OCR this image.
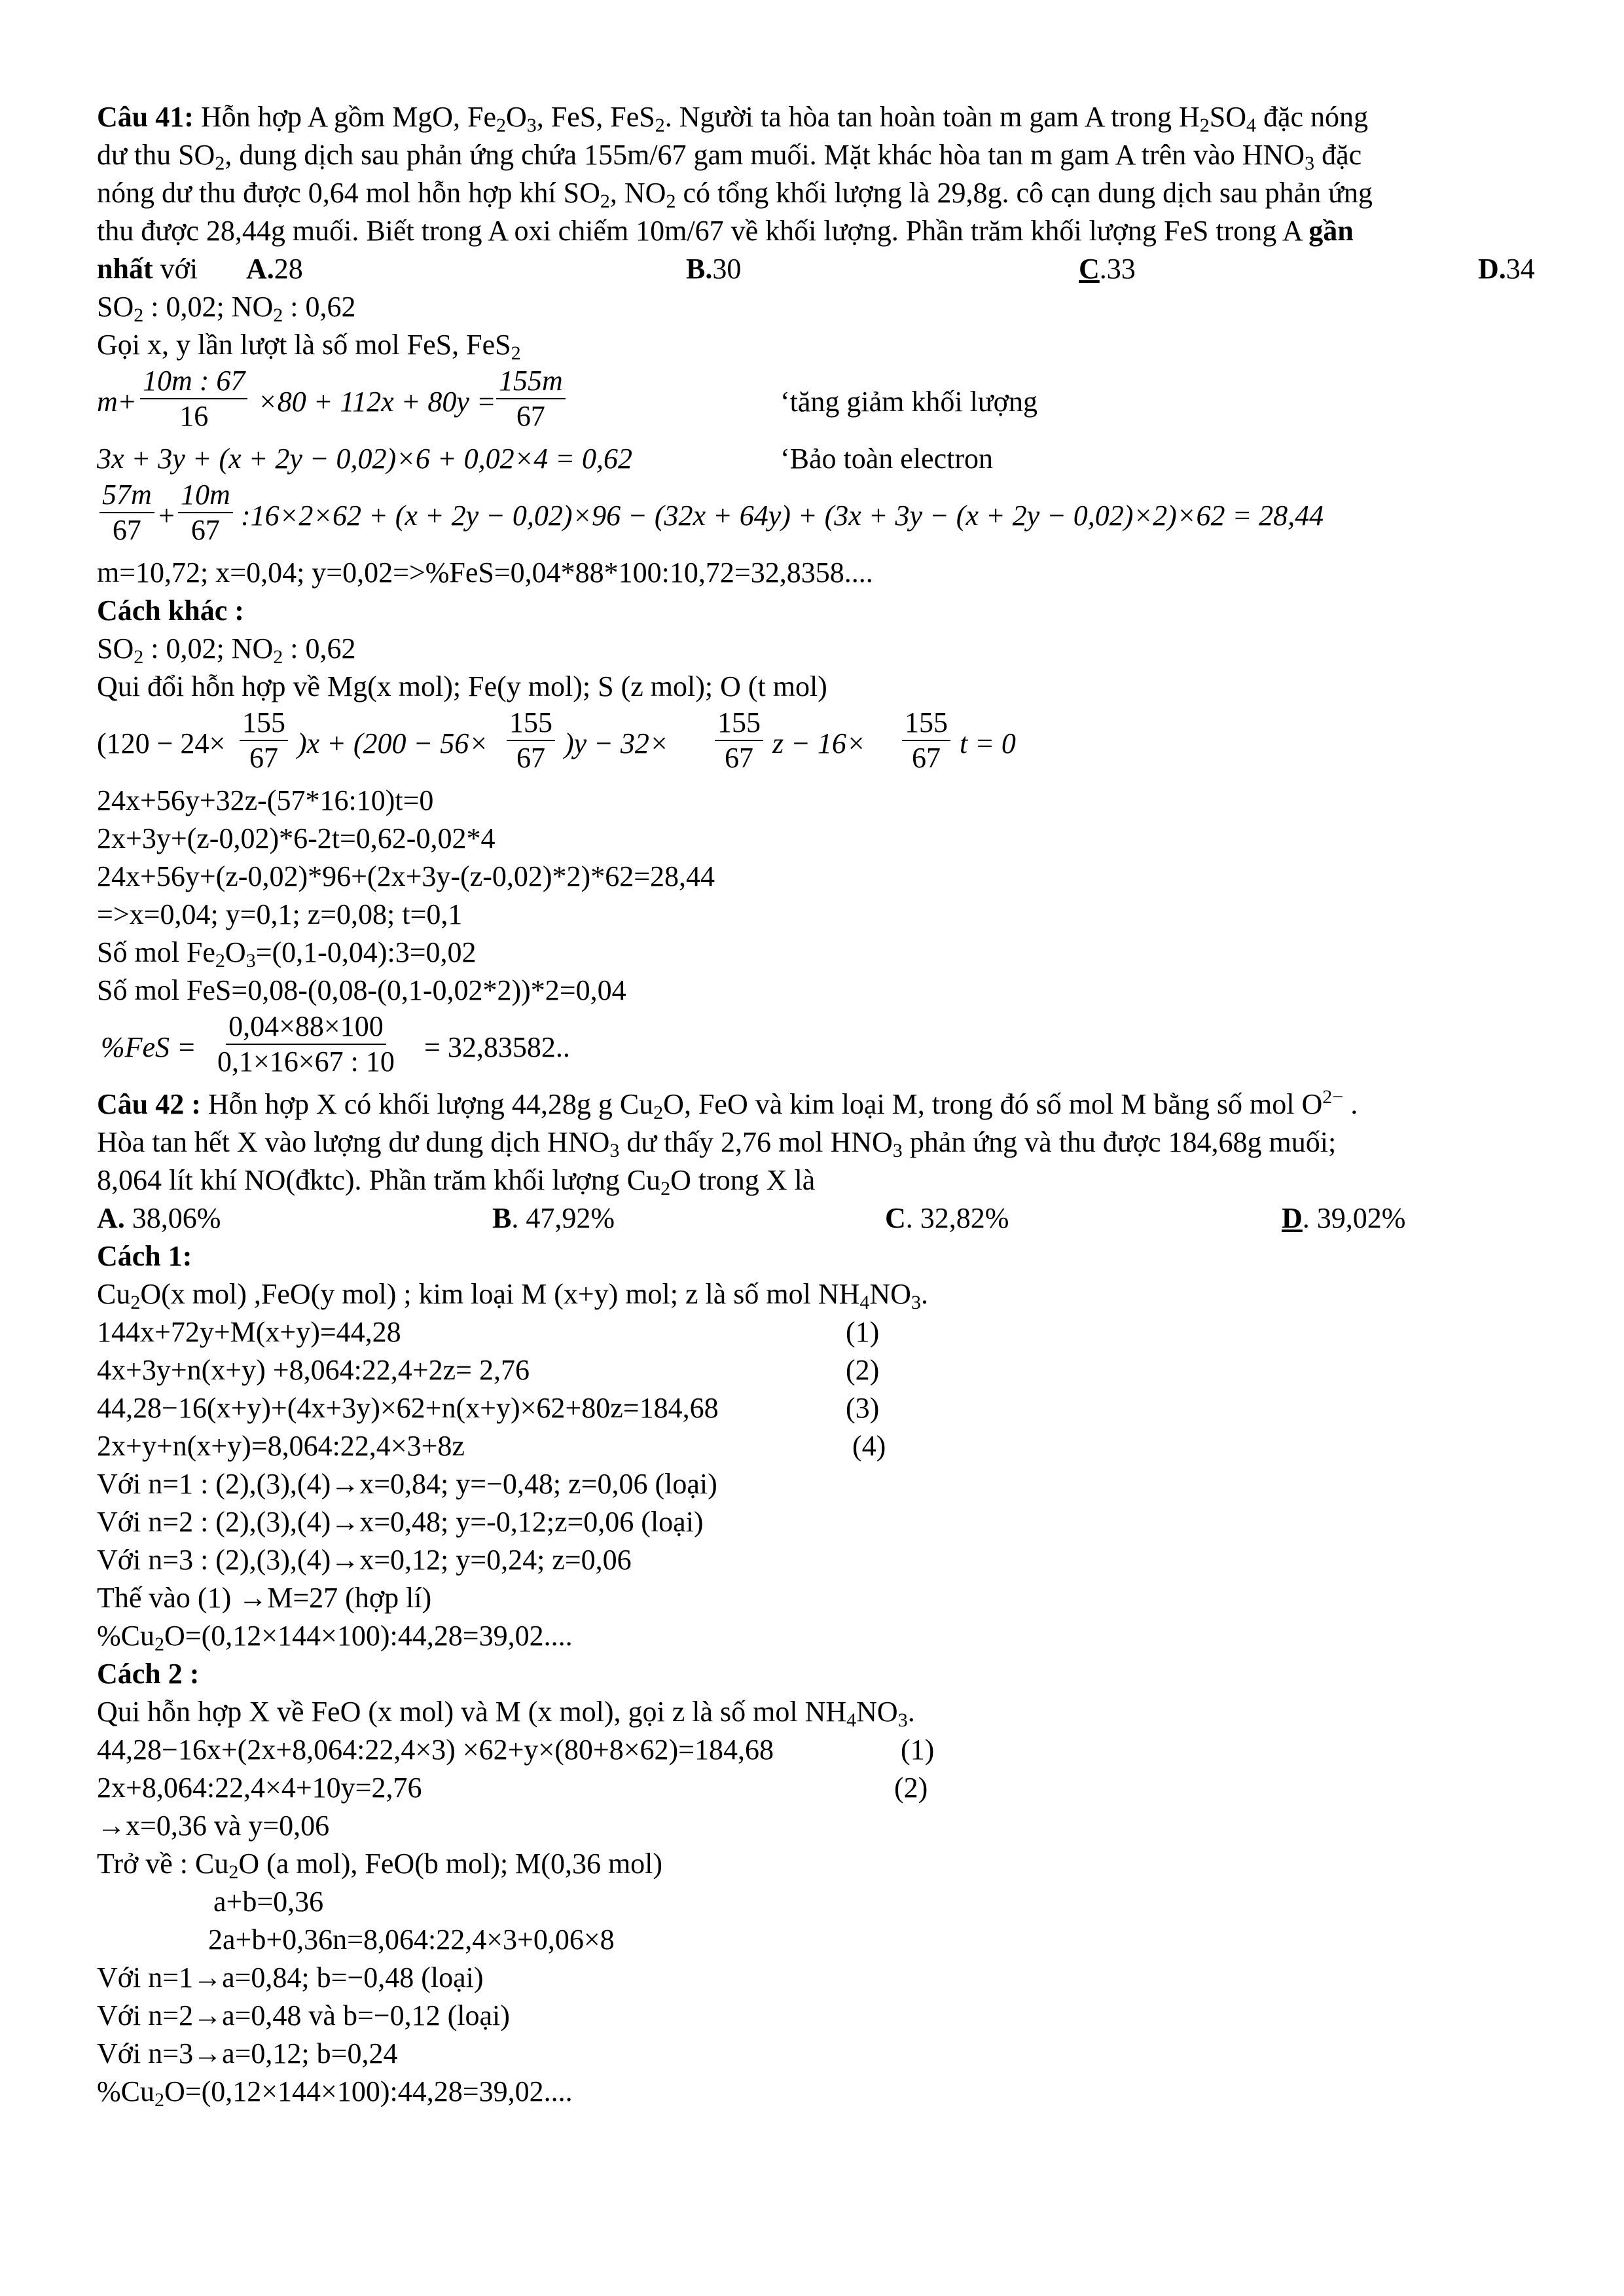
Câu 41: Hỗn hợp A gồm MgO, $Fe_2O_3$, FeS, FeS$_2$. Người ta hòa tan hoàn toàn m gam A trong $H_2SO_4$ đặc nóng
dư thu $SO_2$, dung dịch sau phản ứng chứa 155m/67 gam muối. Mặt khác hòa tan m gam A trên vào $HNO_3$ đặc
nóng dư thu được 0,64 mol hỗn hợp khí $SO_2$, $NO_2$ có tổng khối lượng là 29,8g. cô cạn dung dịch sau phản ứng
thu được 28,44g muối. Biết trong A oxi chiếm 10m/67 về khối lượng. Phần trăm khối lượng FeS trong A gần
nhất với A.28	B.30	C.33	D.34
$SO_2$ : 0,02; $NO_2$ : 0,62
Gọi x, y lần lượt là số mol FeS, FeS$_2$
$m + \frac{10m : 67}{16} \times 80 + 112x + 80y = \frac{155m}{67}$	‘tăng giảm khối lượng
3x + 3y + (x + 2y − 0,02)×6 + 0,02×4 = 0,62	‘Bảo toàn electron
$\frac{57m}{67} + \frac{10m}{67}$ :16×2×62 + (x + 2y − 0,02)×96 − (32x + 64y) + (3x + 3y − (x + 2y − 0,02)×2)×62 = 28,44
m=10,72; x=0,04; y=0,02=>%FeS=0,04*88*100:10,72=32,8358....
Cách khác :
$SO_2$ : 0,02; $NO_2$ : 0,62
Qui đổi hỗn hợp về Mg(x mol); Fe(y mol); S (z mol); O (t mol)
$(120 - 24\times \frac{155}{67} )x + (200 - 56\times \frac{155}{67} )y - 32\times \frac{155}{67}$ $z - 16\times \frac{155}{67}$ t = 0
24x+56y+32z-(57*16:10)t=0
2x+3y+(z-0,02)*6-2t=0,62-0,02*4
24x+56y+(z-0,02)*96+(2x+3y-(z-0,02)*2)*62=28,44
=>x=0,04; y=0,1; z=0,08; t=0,1
Số mol $Fe_2O_3=(0,1-0,04):3=0,02$
Số mol FeS=0,08-(0,08-(0,1-0,02*2))*2=0,04
$\%FeS = \frac{0,04\times 88\times 100}{0,1\times 16\times 67 : 10} = 32,83582$..
Câu 42 : Hỗn hợp X có khối lượng 44,28g g $Cu_2O$, FeO và kim loại M, trong đó số mol M bằng số mol $O^{2-}$ .
Hòa tan hết X vào lượng dư dung dịch $HNO_3$ dư thấy 2,76 mol $HNO_3$ phản ứng và thu được 184,68g muối;
8,064 lít khí NO(đktc). Phần trăm khối lượng $Cu_2O$ trong X là
A. 38,06%	B. 47,92%	C. 32,82%	D. 39,02%
Cách 1:
$Cu_2O(x$ mol) ,FeO(y mol) ; kim loại M (x+y) mol; z là số mol $NH_4NO_3$.
144x+72y+M(x+y)=44,28	(1)
4x+3y+n(x+y) +8,064:22,4+2z= 2,76	(2)
44,28−16(x+y)+(4x+3y)×62+n(x+y)×62+80z=184,68	(3)
2x+y+n(x+y)=8,064:22,4×3+8z	(4)
Với n=1 : (2),(3),(4)→x=0,84; y=−0,48; z=0,06 (loại)
Với n=2 : (2),(3),(4)→x=0,48; y=-0,12;z=0,06 (loại)
Với n=3 : (2),(3),(4)→x=0,12; y=0,24; z=0,06
Thế vào (1) →M=27 (hợp lí)
$\%Cu_2O=(0,12\times 144\times 100):44,28=39,02$....
Cách 2 :
Qui hỗn hợp X về FeO (x mol) và M (x mol), gọi z là số mol $NH_4NO_3$.
44,28−16x+(2x+8,064:22,4×3) ×62+y×(80+8×62)=184,68	(1)
2x+8,064:22,4×4+10y=2,76	(2)
→x=0,36 và y=0,06
Trở về : $Cu_2O$ (a mol), FeO(b mol); M(0,36 mol)
a+b=0,36
2a+b+0,36n=8,064:22,4×3+0,06×8
Với n=1→a=0,84; b=−0,48 (loại)
Với n=2→a=0,48 và b=−0,12 (loại)
Với n=3→a=0,12; b=0,24
$\%Cu_2O=(0,12\times 144\times 100):44,28=39,02$....
